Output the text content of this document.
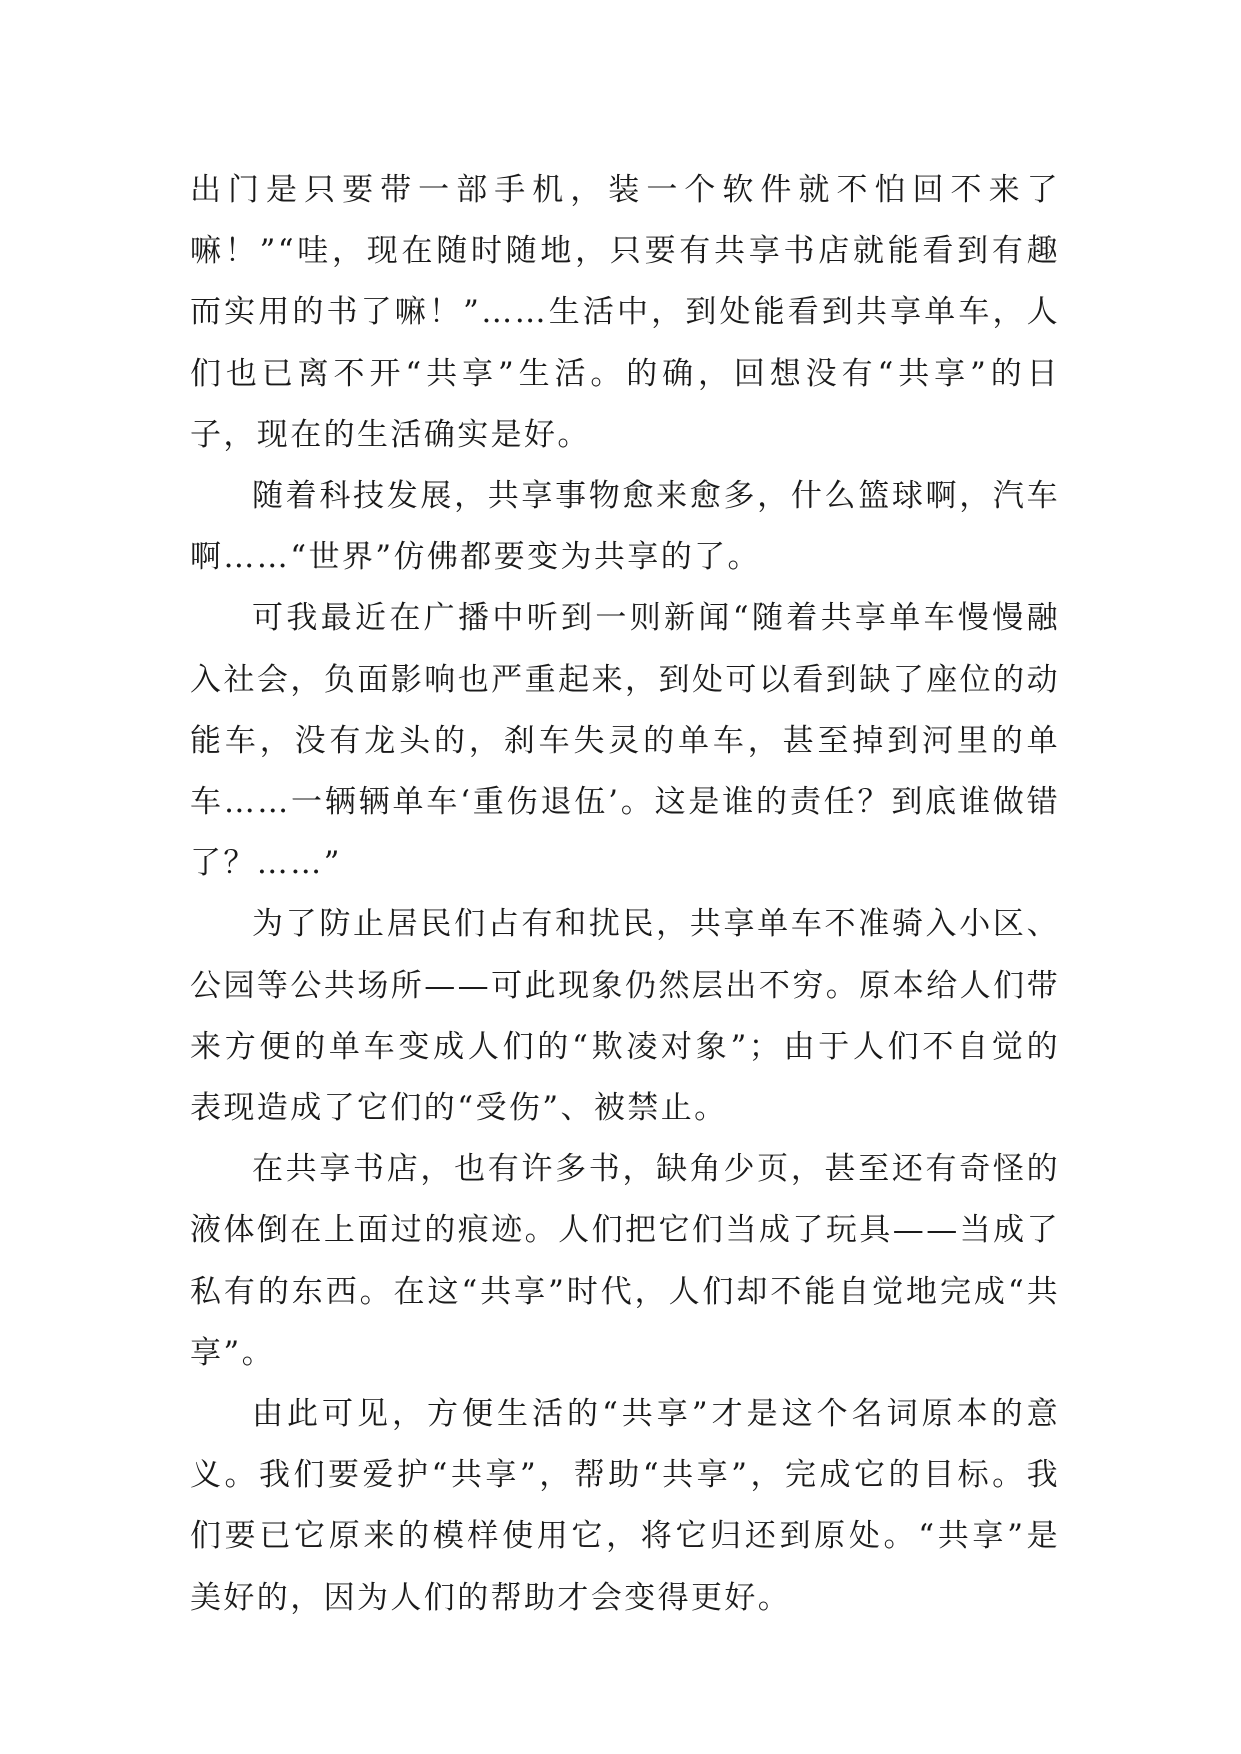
出门是只要带一部手机，装一个软件就不怕回不来了嘛！”“哇，现在随时随地，只要有共享书店就能看到有趣而实用的书了嘛！”……生活中，到处能看到共享单车，人们也已离不开“共享”生活。的确，回想没有“共享”的日子，现在的生活确实是好。

随着科技发展，共享事物愈来愈多，什么篮球啊，汽车啊……“世界”仿佛都要变为共享的了。

可我最近在广播中听到一则新闻“随着共享单车慢慢融入社会，负面影响也严重起来，到处可以看到缺了座位的动能车，没有龙头的，刹车失灵的单车，甚至掉到河里的单车……一辆辆单车‘重伤退伍’。这是谁的责任？到底谁做错了？……”

为了防止居民们占有和扰民，共享单车不准骑入小区、公园等公共场所——可此现象仍然层出不穷。原本给人们带来方便的单车变成人们的“欺凌对象”；由于人们不自觉的表现造成了它们的“受伤”、被禁止。

在共享书店，也有许多书，缺角少页，甚至还有奇怪的液体倒在上面过的痕迹。人们把它们当成了玩具——当成了私有的东西。在这“共享”时代，人们却不能自觉地完成“共享”。

由此可见，方便生活的“共享”才是这个名词原本的意义。我们要爱护“共享”，帮助“共享”，完成它的目标。我们要已它原来的模样使用它，将它归还到原处。“共享”是美好的，因为人们的帮助才会变得更好。
